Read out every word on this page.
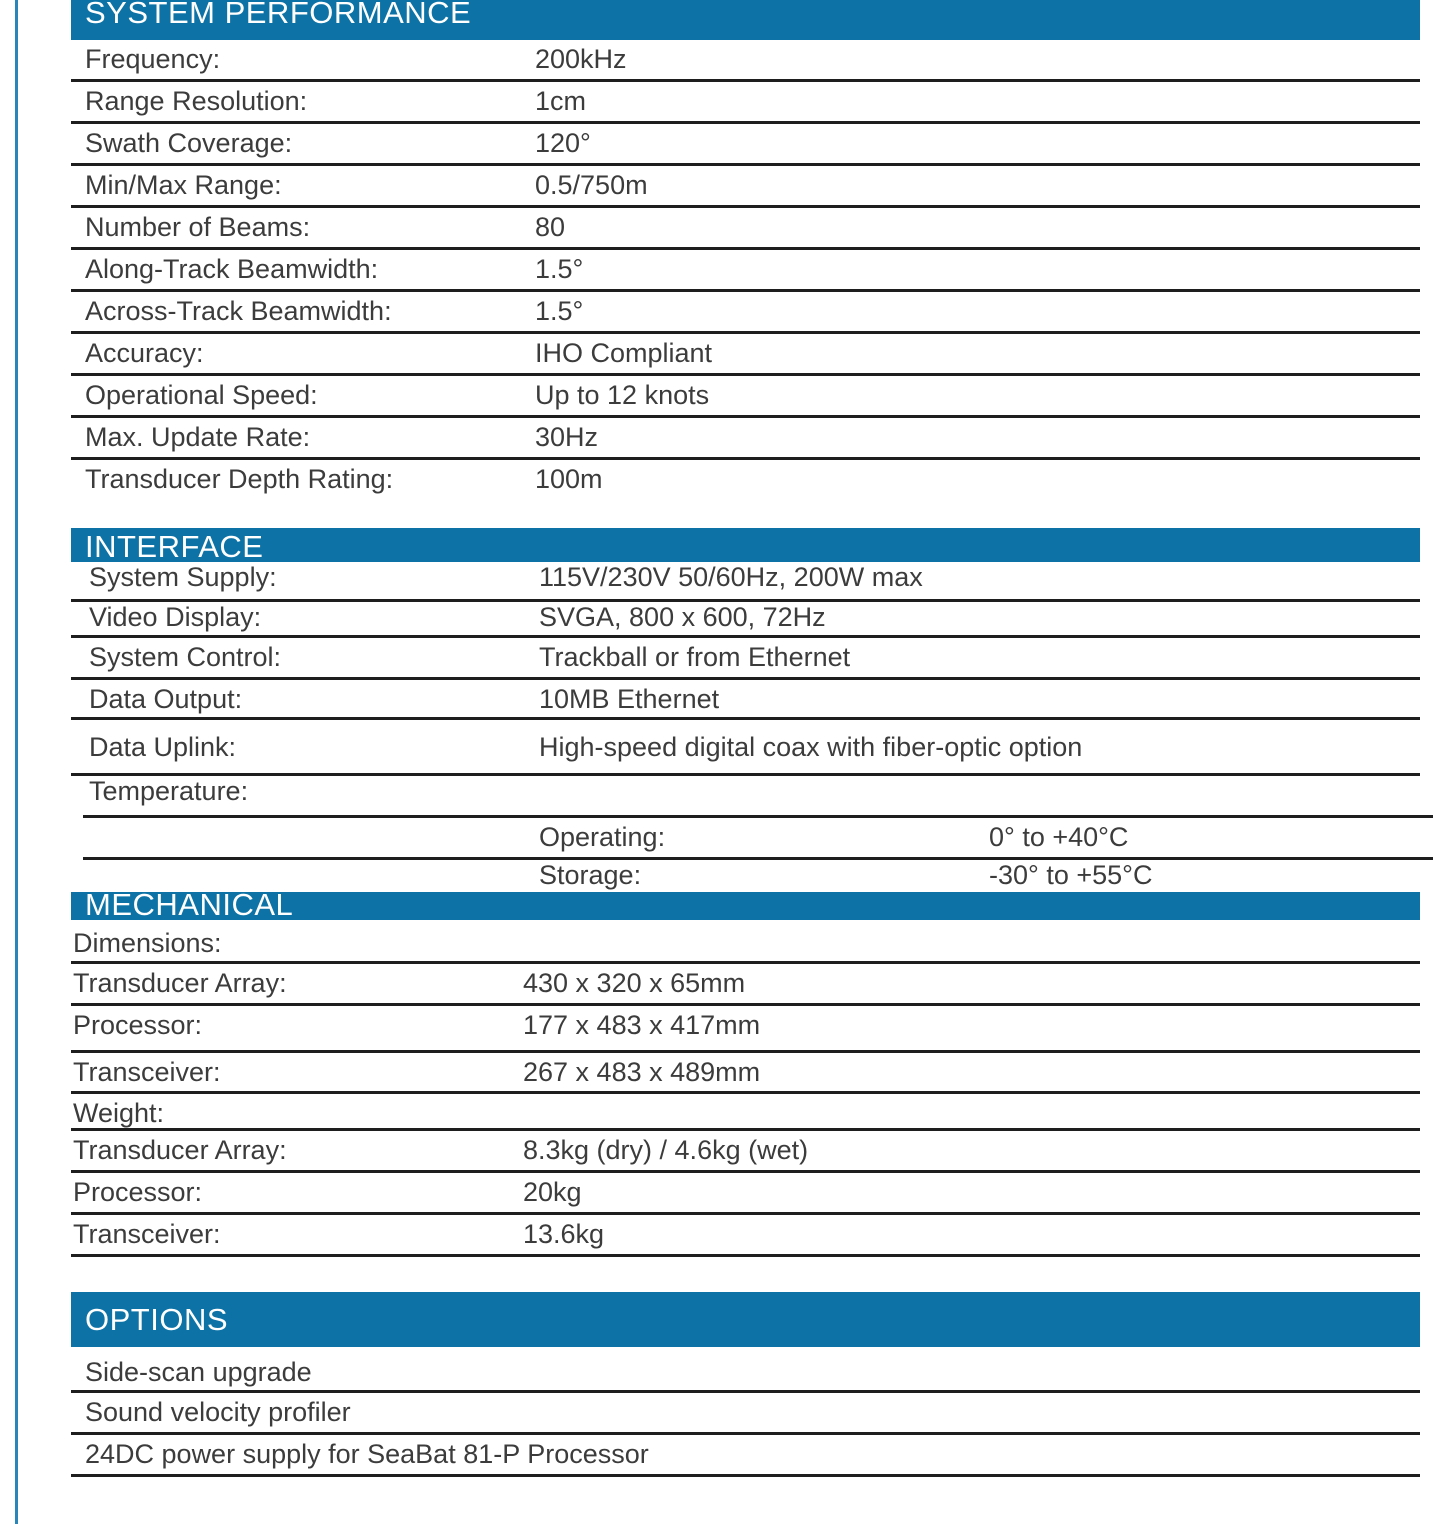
SYSTEM PERFORMANCE
Frequency:	200kHz
Range Resolution:	1cm
Swath Coverage:	120°
Min/Max Range:	0.5/750m
Number of Beams:	80
Along-Track Beamwidth:	1.5°
Across-Track Beamwidth:	1.5°
Accuracy:	IHO Compliant
Operational Speed:	Up to 12 knots
Max. Update Rate:	30Hz
Transducer Depth Rating:	100m
INTERFACE
System Supply:	115V/230V 50/60Hz, 200W max
Video Display:	SVGA, 800 x 600, 72Hz
System Control:	Trackball or from Ethernet
Data Output:	10MB Ethernet
Data Uplink:	High-speed digital coax with fiber-optic option
Temperature:
Operating:	0° to +40°C
Storage:	-30° to +55°C
MECHANICAL
Dimensions:
Transducer Array:	430 x 320 x 65mm
Processor:	177 x 483 x 417mm
Transceiver:	267 x 483 x 489mm
Weight:
Transducer Array:	8.3kg (dry) / 4.6kg (wet)
Processor:	20kg
Transceiver:	13.6kg
OPTIONS
Side-scan upgrade
Sound velocity profiler
24DC power supply for SeaBat 81-P Processor
